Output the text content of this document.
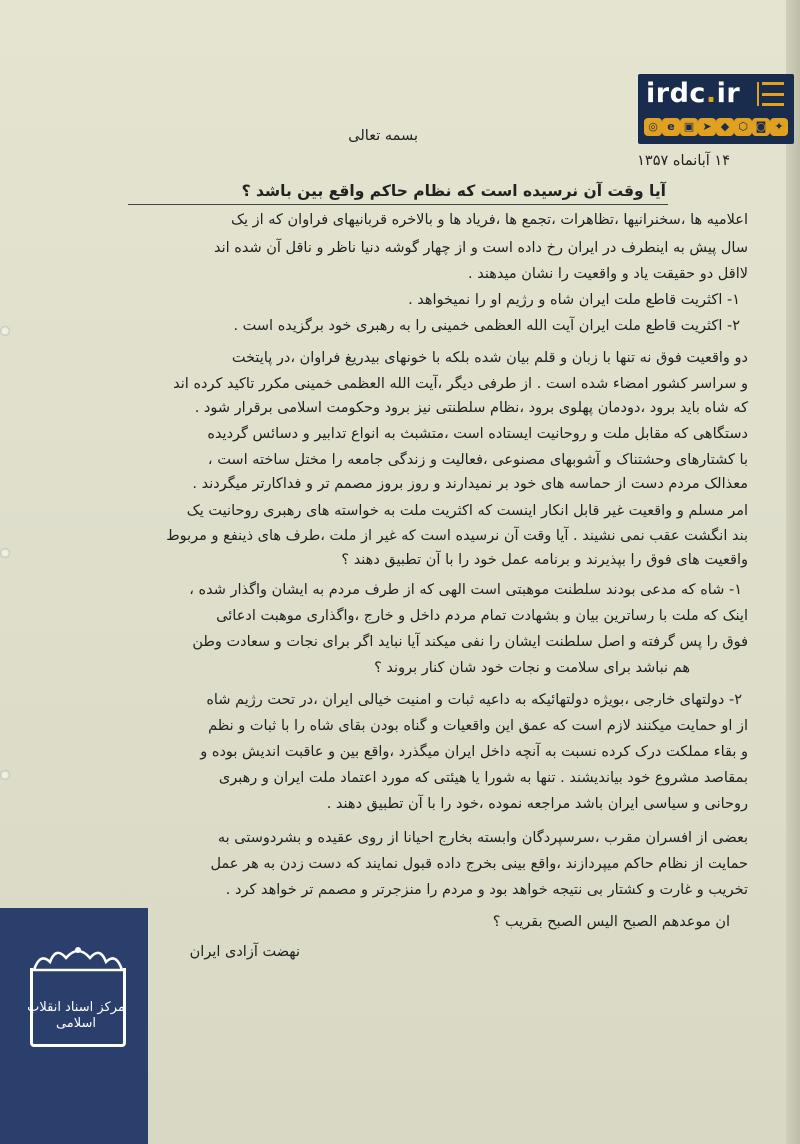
irdc.ir
◎ e ▣ ➤ ◆ ⬡ ◙ ✦
بسمه تعالی
۱۴ آبانماه ۱۳۵۷
آیا وقت آن نرسیده است که نظام حاکم واقع بین باشد ؟
اعلامیه ها ،سخنرانیها ،تظاهرات ،تجمع ها ،فریاد ها و بالاخره قربانیهای فراوان که از یک
سال پیش به اینطرف در ایران رخ داده است و از چهار گوشه دنیا ناظر و ناقل آن شده اند
لااقل دو حقیقت یاد و واقعیت را نشان میدهند .
۱- اکثریت قاطع ملت ایران شاه و رژیم او را نمیخواهد .
۲- اکثریت قاطع ملت ایران آیت الله العظمی خمینی را به رهبری خود برگزیده است .
دو واقعیت فوق نه تنها با زبان و قلم بیان شده بلکه با خونهای بیدریغ فراوان ،در پایتخت
و سراسر کشور امضاء شده است . از طرفی دیگر ،آیت الله العظمی خمینی مکرر تاکید کرده اند
که شاه باید برود ،دودمان پهلوی برود ،نظام سلطنتی نیز برود وحکومت اسلامی برقرار شود .
دستگاهی که مقابل ملت و روحانیت ایستاده است ،متشبث به انواع تدابیر و دسائس گردیده
با کشتارهای وحشتناک و آشوبهای مصنوعی ،فعالیت و زندگی جامعه را مختل ساخته است ،
معذالک مردم دست از حماسه های خود بر نمیدارند و روز بروز مصمم تر و فداکارتر میگردند .
امر مسلم و واقعیت غیر قابل انکار اینست که اکثریت ملت به خواسته های رهبری روحانیت یک
بند انگشت عقب نمی نشیند . آیا وقت آن نرسیده است که غیر از ملت ،طرف های ذینفع و مربوط
واقعیت های فوق را بپذیرند و برنامه عمل خود را با آن تطبیق دهند ؟
۱- شاه که مدعی بودند سلطنت موهبتی است الهی که از طرف مردم به ایشان واگذار شده ،
اینک که ملت با رساترین بیان و بشهادت تمام مردم داخل و خارج ،واگذاری موهبت ادعائی
فوق را پس گرفته و اصل سلطنت ایشان را نفی میکند آیا نباید اگر برای نجات و سعادت وطن
هم نباشد برای سلامت و نجات خود شان کنار بروند ؟
۲- دولتهای خارجی ،بویژه دولتهائیکه به داعیه ثبات و امنیت خیالی ایران ،در تحت رژیم شاه
از او حمایت میکنند لازم است که عمق این واقعیات و گناه بودن بقای شاه را با ثبات و نظم
و بقاء مملکت درک کرده نسبت به آنچه داخل ایران میگذرد ،واقع بین و عاقبت اندیش بوده و
بمقاصد مشروع خود بیاندیشند . تنها به شورا یا هیئتی که مورد اعتماد ملت ایران و رهبری
روحانی و سیاسی ایران باشد مراجعه نموده ،خود را با آن تطبیق دهند .
بعضی از افسران مقرب ،سرسپردگان وابسته بخارج احیانا از روی عقیده و بشردوستی به
حمایت از نظام حاکم میپردازند ،واقع بینی بخرج داده قبول نمایند که دست زدن به هر عمل
تخریب و غارت و کشتار بی نتیجه خواهد بود و مردم را منزجرتر و مصمم تر خواهد کرد .
ان موعدهم الصبح الیس الصبح بقریب ؟
نهضت آزادی ایران
مرکز اسناد انقلاب اسلامی
